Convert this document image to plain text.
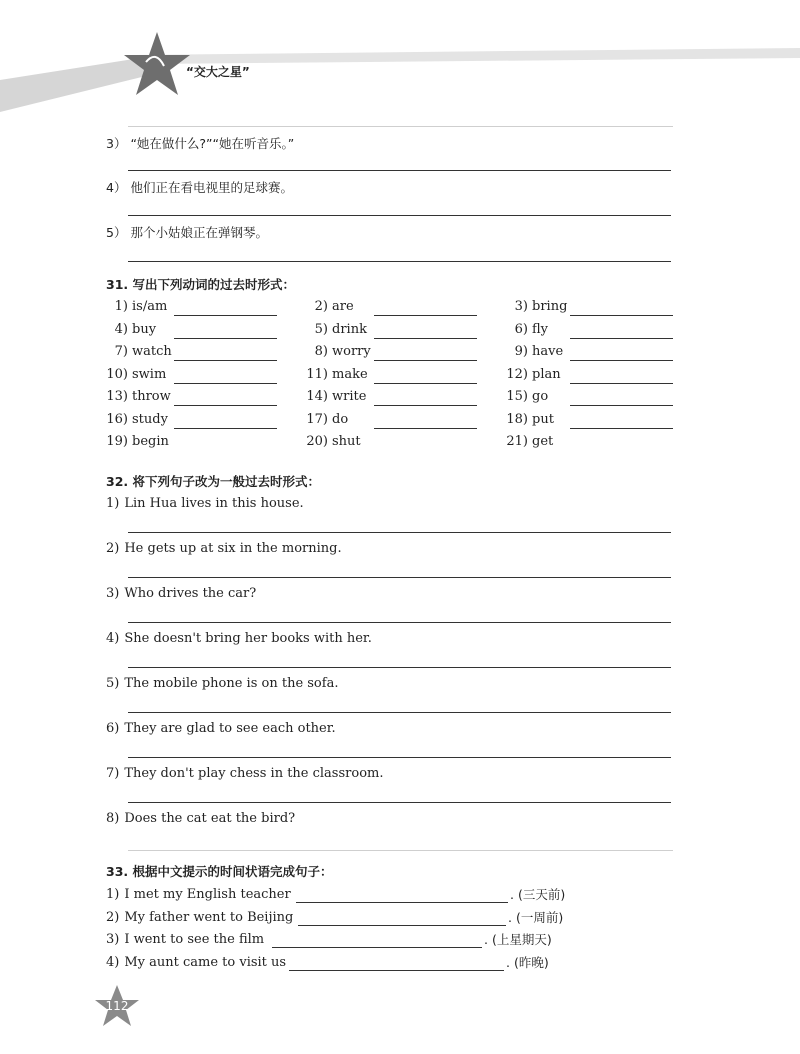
“交大之星”
3） “她在做什么?”“她在听音乐。”
4） 他们正在看电视里的足球赛。
5） 那个小姑娘正在弹钢琴。
31. 写出下列动词的过去时形式：
1) is/am	2) are	3) bring
4) buy	5) drink	6) fly
7) watch	8) worry	9) have
10) swim	11) make	12) plan
13) throw	14) write	15) go
16) study	17) do	18) put
19) begin	20) shut	21) get
32. 将下列句子改为一般过去时形式：
1) Lin Hua lives in this house.
2) He gets up at six in the morning.
3) Who drives the car?
4) She doesn't bring her books with her.
5) The mobile phone is on the sofa.
6) They are glad to see each other.
7) They don't play chess in the classroom.
8) Does the cat eat the bird?
33. 根据中文提示的时间状语完成句子：
1) I met my English teacher	. (三天前)
2) My father went to Beijing	. (一周前)
3) I went to see the film	. (上星期天)
4) My aunt came to visit us	. (昨晚)
112
